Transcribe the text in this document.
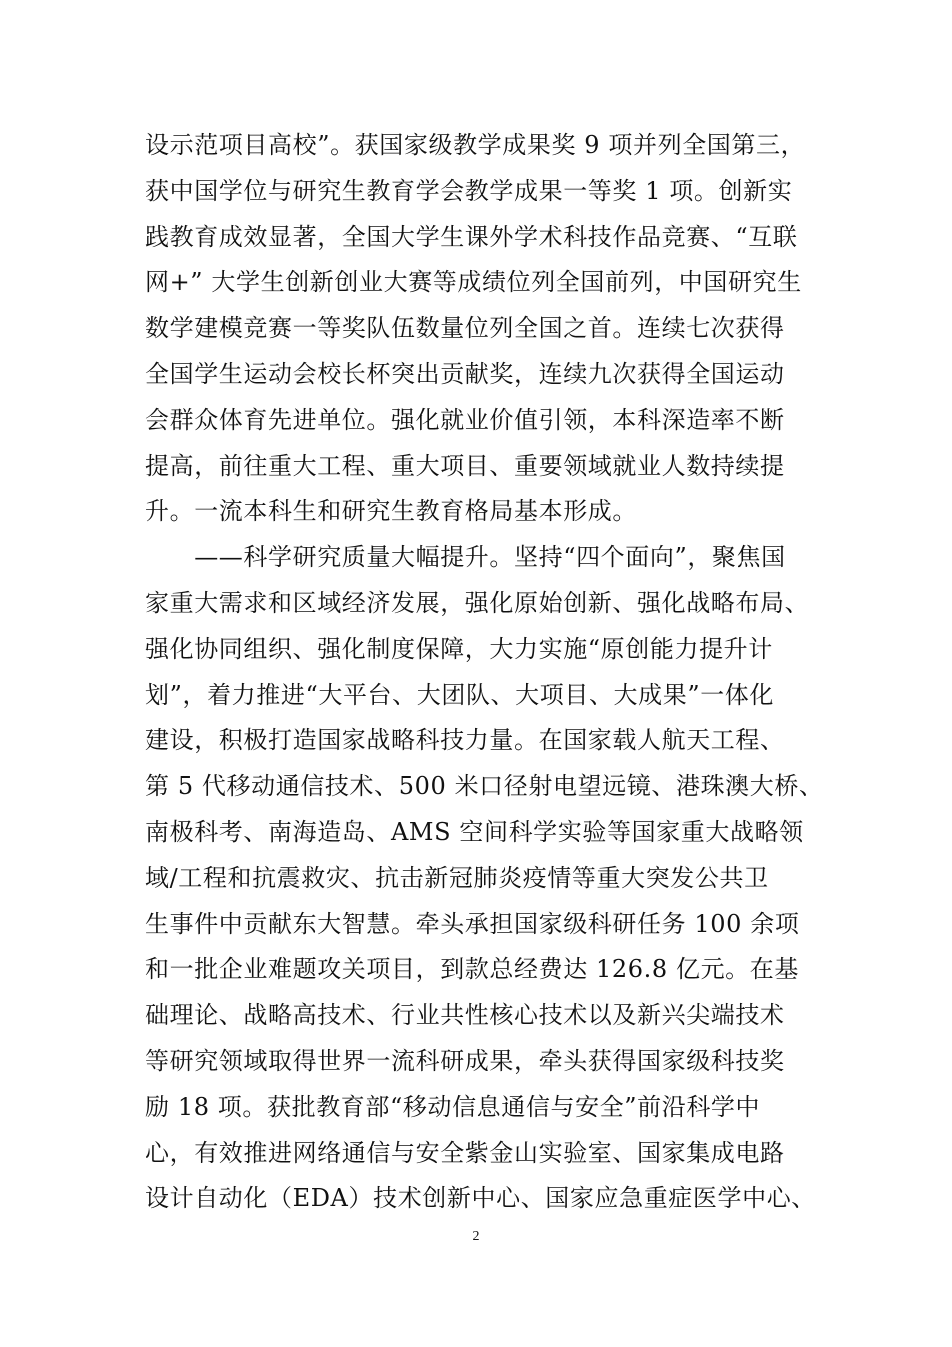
设示范项目高校”。获国家级教学成果奖 9 项并列全国第三，
获中国学位与研究生教育学会教学成果一等奖 1 项。创新实
践教育成效显著，全国大学生课外学术科技作品竞赛、“互联
网+” 大学生创新创业大赛等成绩位列全国前列，中国研究生
数学建模竞赛一等奖队伍数量位列全国之首。连续七次获得
全国学生运动会校长杯突出贡献奖，连续九次获得全国运动
会群众体育先进单位。强化就业价值引领，本科深造率不断
提高，前往重大工程、重大项目、重要领域就业人数持续提
升。一流本科生和研究生教育格局基本形成。
　　——科学研究质量大幅提升。坚持“四个面向”，聚焦国
家重大需求和区域经济发展，强化原始创新、强化战略布局、
强化协同组织、强化制度保障，大力实施“原创能力提升计
划”，着力推进“大平台、大团队、大项目、大成果”一体化
建设，积极打造国家战略科技力量。在国家载人航天工程、
第 5 代移动通信技术、500 米口径射电望远镜、港珠澳大桥、
南极科考、南海造岛、AMS 空间科学实验等国家重大战略领
域/工程和抗震救灾、抗击新冠肺炎疫情等重大突发公共卫
生事件中贡献东大智慧。牵头承担国家级科研任务 100 余项
和一批企业难题攻关项目，到款总经费达 126.8 亿元。在基
础理论、战略高技术、行业共性核心技术以及新兴尖端技术
等研究领域取得世界一流科研成果，牵头获得国家级科技奖
励 18 项。获批教育部“移动信息通信与安全”前沿科学中
心，有效推进网络通信与安全紫金山实验室、国家集成电路
设计自动化（EDA）技术创新中心、国家应急重症医学中心、
2
